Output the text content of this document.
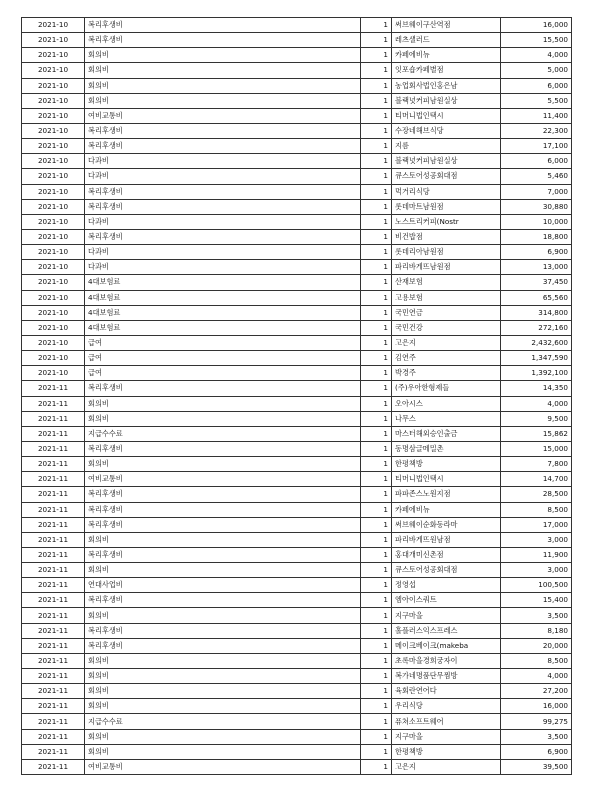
2021-10	복리후생비	1	써브웨이구산역점	16,000
2021-10	복리후생비	1	레츠샐러드	15,500
2021-10	회의비	1	카페에비뉴	4,000
2021-10	회의비	1	잇포숍카페별점	5,000
2021-10	회의비	1	농업회사법인홍은남	6,000
2021-10	회의비	1	블랙넛커피남원실상	5,500
2021-10	여비교통비	1	티머니법인택시	11,400
2021-10	복리후생비	1	수장네해브식당	22,300
2021-10	복리후생비	1	지름	17,100
2021-10	다과비	1	블랙넛커피남원실상	6,000
2021-10	다과비	1	큐스토어성공회대점	5,460
2021-10	복리후생비	1	먹거리식당	7,000
2021-10	복리후생비	1	롯데마트남원점	30,880
2021-10	다과비	1	노스트리커피(Nostr	10,000
2021-10	복리후생비	1	비건밥점	18,800
2021-10	다과비	1	롯데리아남원점	6,900
2021-10	다과비	1	파리바게뜨남원점	13,000
2021-10	4대보험료	1	산재보험	37,450
2021-10	4대보험료	1	고용보험	65,560
2021-10	4대보험료	1	국민연금	314,800
2021-10	4대보험료	1	국민건강	272,160
2021-10	급여	1	고은지	2,432,600
2021-10	급여	1	김연주	1,347,590
2021-10	급여	1	박경주	1,392,100
2021-11	복리후생비	1	(주)우아한형제들	14,350
2021-11	회의비	1	오아시스	4,000
2021-11	회의비	1	나무스	9,500
2021-11	지급수수료	1	마스터해외승인출금	15,862
2021-11	복리후생비	1	동명삼글메밀촌	15,000
2021-11	회의비	1	한평책방	7,800
2021-11	여비교통비	1	티머니법인택시	14,700
2021-11	복리후생비	1	파파존스노원지점	28,500
2021-11	복리후생비	1	카페에비뉴	8,500
2021-11	복리후생비	1	써브웨이순화동라마	17,000
2021-11	회의비	1	파리바게뜨원남점	3,000
2021-11	복리후생비	1	홍대개미신촌점	11,900
2021-11	회의비	1	큐스토어성공회대점	3,000
2021-11	연대사업비	1	정영섭	100,500
2021-11	복리후생비	1	엠아이스쿼트	15,400
2021-11	회의비	1	지구마을	3,500
2021-11	복리후생비	1	홀플러스익스프레스	8,180
2021-11	복리후생비	1	메이크베이크(makeba	20,000
2021-11	회의비	1	초록마을경희궁자이	8,500
2021-11	회의비	1	복가네명품단무찜방	4,000
2021-11	회의비	1	육회란연어다	27,200
2021-11	회의비	1	우리식당	16,000
2021-11	지급수수료	1	퓨쳐소프트웨어	99,275
2021-11	회의비	1	지구마을	3,500
2021-11	회의비	1	한평책방	6,900
2021-11	여비교통비	1	고은지	39,500
